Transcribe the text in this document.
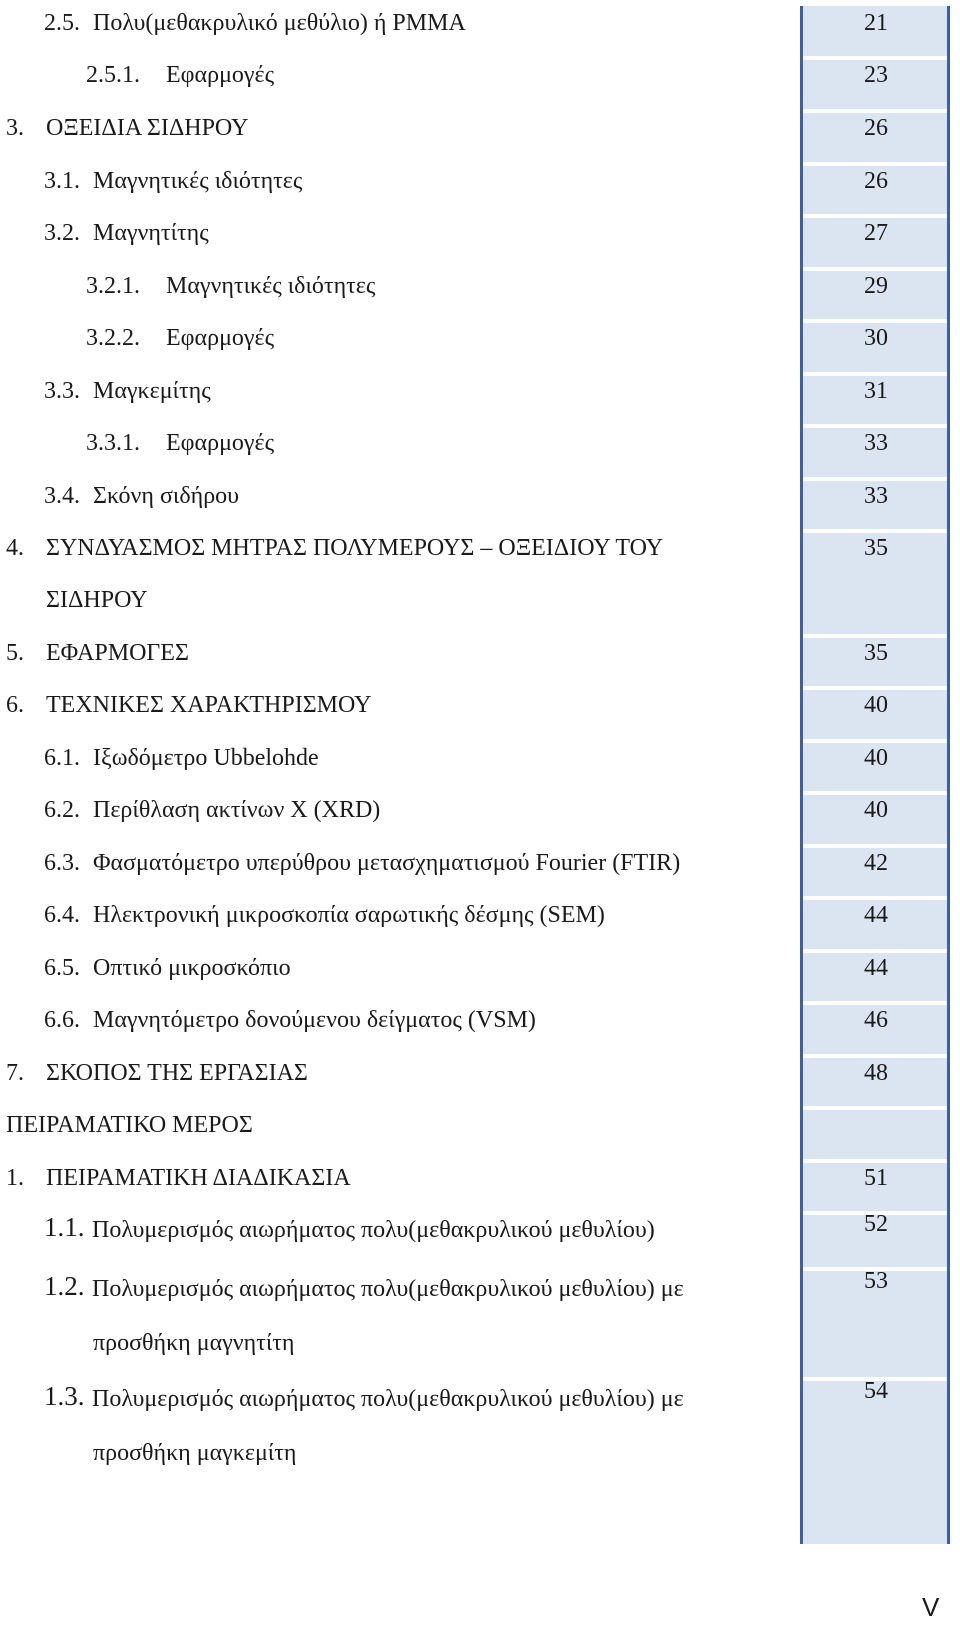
21
23
26
26
27
29
30
31
33
33
35
35
40
40
40
42
44
44
46
48
51
52
53
54
2.5. Πολυ(μεθακρυλικό μεθύλιο) ή PMMA
2.5.1. Εφαρμογές
3. ΟΞΕΙΔΙΑ ΣΙΔΗΡΟΥ
3.1. Μαγνητικές ιδιότητες
3.2. Μαγνητίτης
3.2.1. Μαγνητικές ιδιότητες
3.2.2. Εφαρμογές
3.3. Μαγκεμίτης
3.3.1. Εφαρμογές
3.4. Σκόνη σιδήρου
4. ΣΥΝΔΥΑΣΜΟΣ ΜΗΤΡΑΣ ΠΟΛΥΜΕΡΟΥΣ – ΟΞΕΙΔΙΟΥ ΤΟΥ
ΣΙΔΗΡΟΥ
5. ΕΦΑΡΜΟΓΕΣ
6. ΤΕΧΝΙΚΕΣ ΧΑΡΑΚΤΗΡΙΣΜΟΥ
6.1. Ιξωδόμετρο Ubbelohde
6.2. Περίθλαση ακτίνων X (XRD)
6.3. Φασματόμετρο υπερύθρου μετασχηματισμού Fourier (FTIR)
6.4. Ηλεκτρονική μικροσκοπία σαρωτικής δέσμης (SEM)
6.5. Οπτικό μικροσκόπιο
6.6. Μαγνητόμετρο δονούμενου δείγματος (VSM)
7. ΣΚΟΠΟΣ ΤΗΣ ΕΡΓΑΣΙΑΣ
ΠΕΙΡΑΜΑΤΙΚΟ ΜΕΡΟΣ
1. ΠΕΙΡΑΜΑΤΙΚΗ ΔΙΑΔΙΚΑΣΙΑ
1.1. Πολυμερισμός αιωρήματος πολυ(μεθακρυλικού μεθυλίου)
1.2. Πολυμερισμός αιωρήματος πολυ(μεθακρυλικού μεθυλίου) με
προσθήκη μαγνητίτη
1.3. Πολυμερισμός αιωρήματος πολυ(μεθακρυλικού μεθυλίου) με
προσθήκη μαγκεμίτη
V
